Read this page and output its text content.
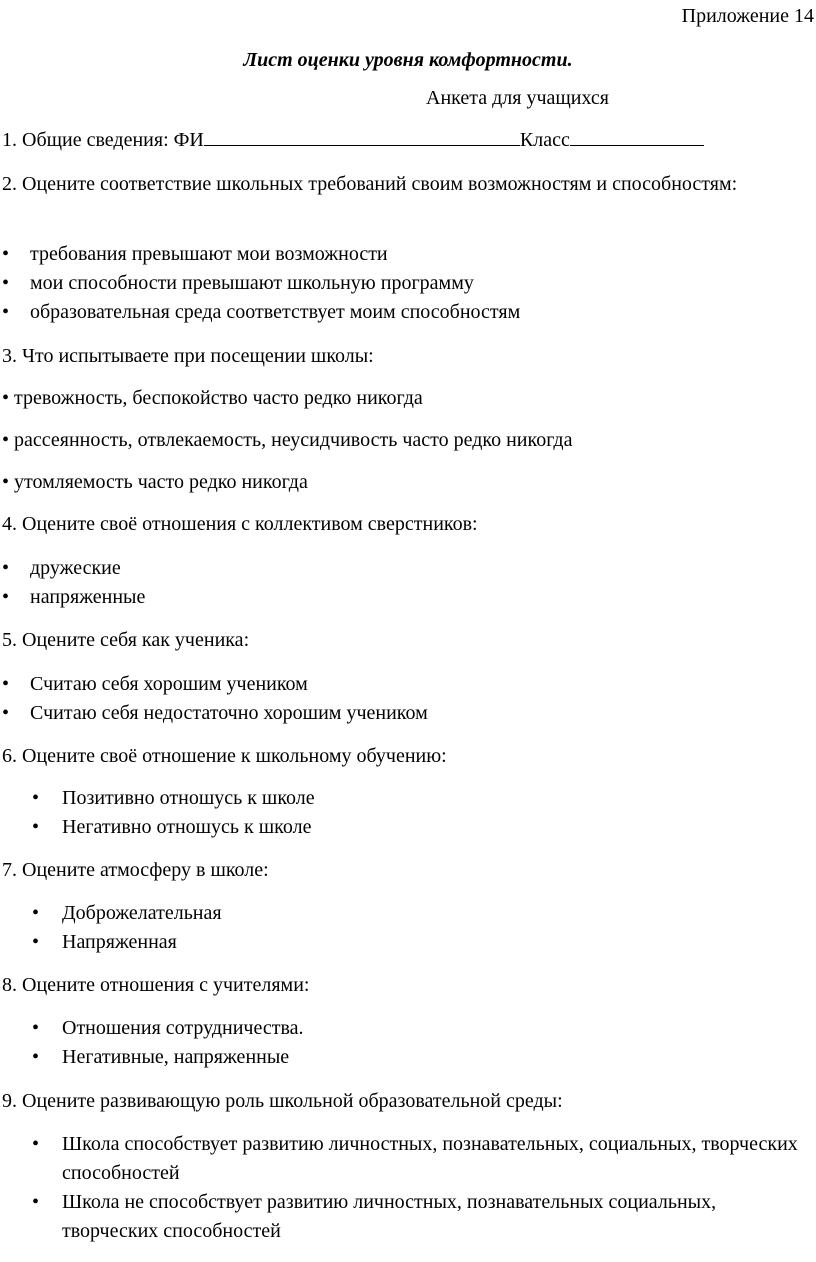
Приложение 14
Лист оценки уровня комфортности.
Анкета для учащихся
1. Общие сведения: ФИ	Класс
2. Оцените соответствие школьных требований своим возможностям и способностям:
• требования превышают мои возможности
• мои способности превышают школьную программу
• образовательная среда соответствует моим способностям
3. Что испытываете при посещении школы:
• тревожность, беспокойство часто редко никогда
• рассеянность, отвлекаемость, неусидчивость часто редко никогда
• утомляемость часто редко никогда
4. Оцените своё отношения с коллективом сверстников:
• дружеские
• напряженные
5. Оцените себя как ученика:
• Считаю себя хорошим учеником
• Считаю себя недостаточно хорошим учеником
6. Оцените своё отношение к школьному обучению:
• Позитивно отношусь к школе
• Негативно отношусь к школе
7. Оцените атмосферу в школе:
• Доброжелательная
• Напряженная
8. Оцените отношения с учителями:
• Отношения сотрудничества.
• Негативные, напряженные
9. Оцените развивающую роль школьной образовательной среды:
• Школа способствует развитию личностных, познавательных, социальных, творческих способностей
• Школа не способствует развитию личностных, познавательных социальных, творческих способностей
